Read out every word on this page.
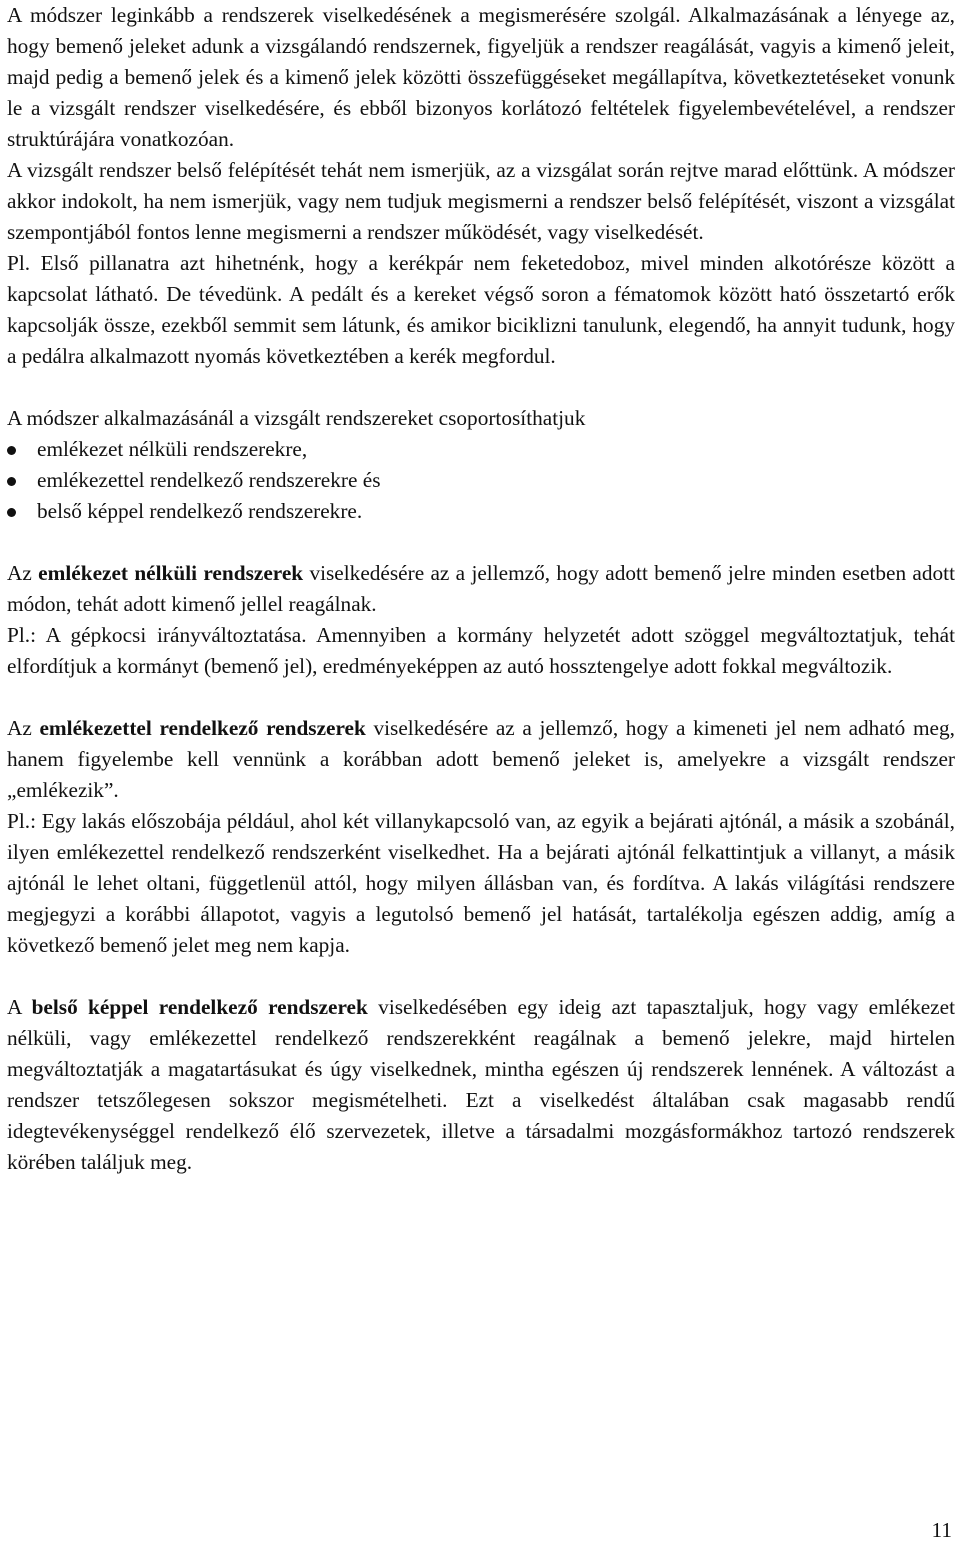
A módszer leginkább a rendszerek viselkedésének a megismerésére szolgál. Alkalmazásának a lényege az, hogy bemenő jeleket adunk a vizsgálandó rendszernek, figyeljük a rendszer reagálását, vagyis a kimenő jeleit, majd pedig a bemenő jelek és a kimenő jelek közötti összefüggéseket megállapítva, következtetéseket vonunk le a vizsgált rendszer viselkedésére, és ebből bizonyos korlátozó feltételek figyelembevételével, a rendszer struktúrájára vonatkozóan.

A vizsgált rendszer belső felépítését tehát nem ismerjük, az a vizsgálat során rejtve marad előttünk. A módszer akkor indokolt, ha nem ismerjük, vagy nem tudjuk megismerni a rendszer belső felépítését, viszont a vizsgálat szempontjából fontos lenne megismerni a rendszer működését, vagy viselkedését.

Pl. Első pillanatra azt hihetnénk, hogy a kerékpár nem feketedoboz, mivel minden alkotórésze között a kapcsolat látható. De tévedünk. A pedált és a kereket végső soron a fématomok között ható összetartó erők kapcsolják össze, ezekből semmit sem látunk, és amikor biciklizni tanulunk, elegendő, ha annyit tudunk, hogy a pedálra alkalmazott nyomás következtében a kerék megfordul.

A módszer alkalmazásánál a vizsgált rendszereket csoportosíthatjuk

emlékezet nélküli rendszerekre,
emlékezettel rendelkező rendszerekre és
belső képpel rendelkező rendszerekre.

Az emlékezet nélküli rendszerek viselkedésére az a jellemző, hogy adott bemenő jelre minden esetben adott módon, tehát adott kimenő jellel reagálnak.

Pl.: A gépkocsi irányváltoztatása. Amennyiben a kormány helyzetét adott szöggel megváltoztatjuk, tehát elfordítjuk a kormányt (bemenő jel), eredményeképpen az autó hossztengelye adott fokkal megváltozik.

Az emlékezettel rendelkező rendszerek viselkedésére az a jellemző, hogy a kimeneti jel nem adható meg, hanem figyelembe kell vennünk a korábban adott bemenő jeleket is, amelyekre a vizsgált rendszer „emlékezik”.

Pl.: Egy lakás előszobája például, ahol két villanykapcsoló van, az egyik a bejárati ajtónál, a másik a szobánál, ilyen emlékezettel rendelkező rendszerként viselkedhet. Ha a bejárati ajtónál felkattintjuk a villanyt, a másik ajtónál le lehet oltani, függetlenül attól, hogy milyen állásban van, és fordítva. A lakás világítási rendszere megjegyzi a korábbi állapotot, vagyis a legutolsó bemenő jel hatását, tartalékolja egészen addig, amíg a következő bemenő jelet meg nem kapja.

A belső képpel rendelkező rendszerek viselkedésében egy ideig azt tapasztaljuk, hogy vagy emlékezet nélküli, vagy emlékezettel rendelkező rendszerekként reagálnak a bemenő jelekre, majd hirtelen megváltoztatják a magatartásukat és úgy viselkednek, mintha egészen új rendszerek lennének. A változást a rendszer tetszőlegesen sokszor megismételheti. Ezt a viselkedést általában csak magasabb rendű idegtevékenységgel rendelkező élő szervezetek, illetve a társadalmi mozgásformákhoz tartozó rendszerek körében találjuk meg.

11
